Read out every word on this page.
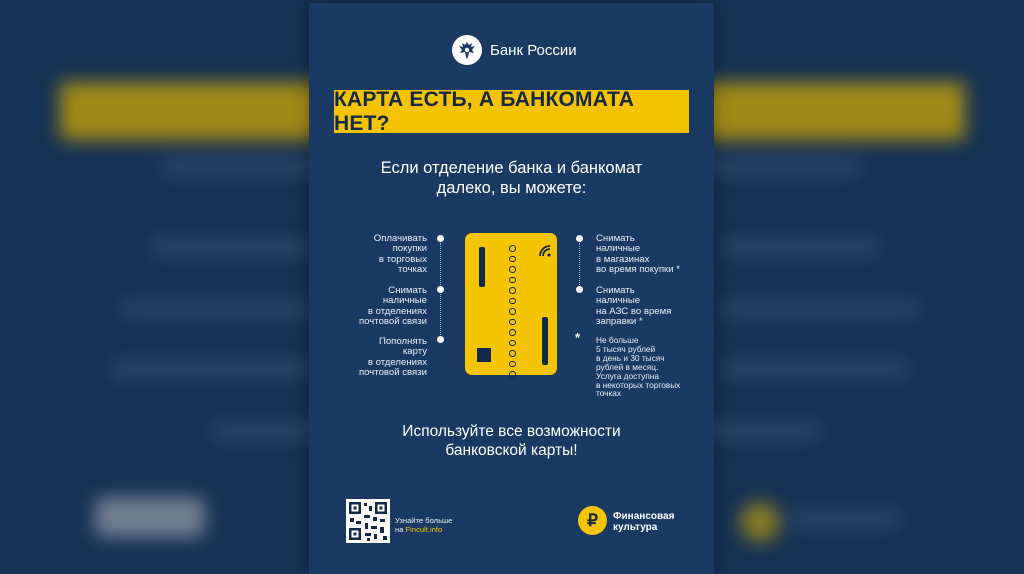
Банк России
КАРТА ЕСТЬ, А БАНКОМАТА НЕТ?
Если отделение банка и банкомат
далеко, вы можете:
Оплачивать
покупки
в торговых
точках
Снимать
наличные
в отделениях
почтовой связи
Пополнять
карту
в отделениях
почтовой связи
*
Снимать
наличные
в магазинах
во время покупки *
Снимать
наличные
на АЗС во время
заправки *
Не больше
5 тысяч рублей
в день и 30 тысяч
рублей в месяц.
Услуга доступна
в некоторых торговых
точках
Используйте все возможности
банковской карты!
Узнайте больше
на Fincult.info	₽	Финансовая
культура
